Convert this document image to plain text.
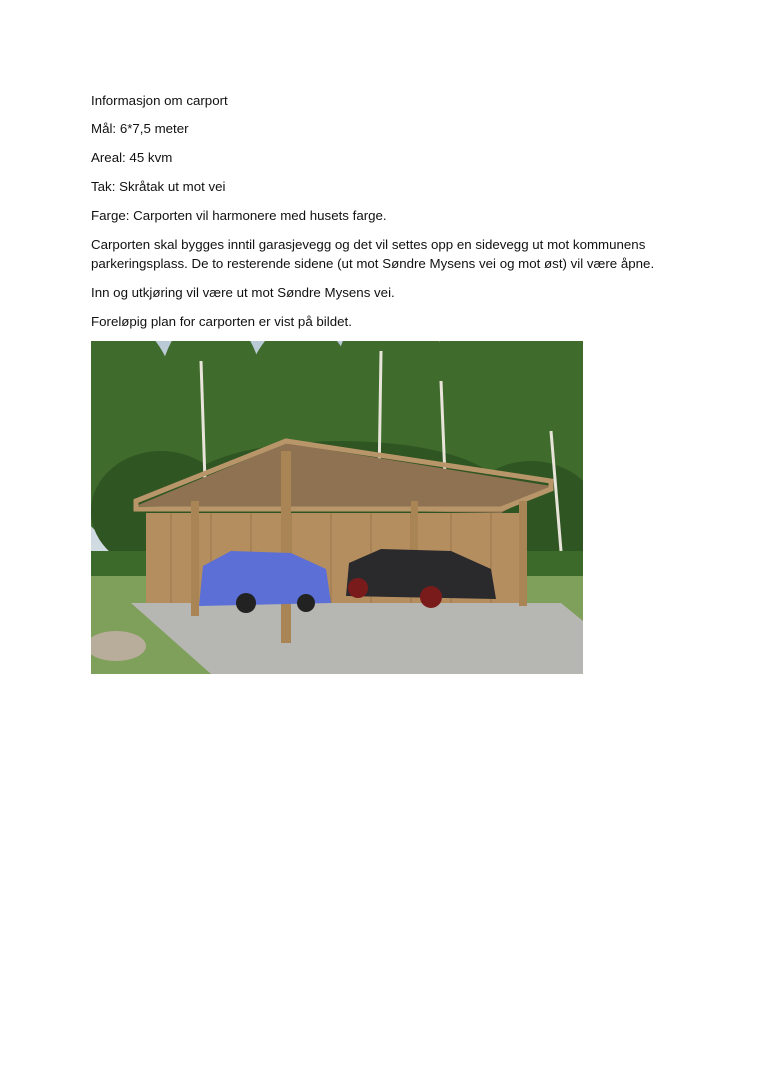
Informasjon om carport
Mål: 6*7,5 meter
Areal: 45 kvm
Tak: Skråtak ut mot vei
Farge: Carporten vil harmonere med husets farge.
Carporten skal bygges inntil garasjevegg og det vil settes opp en sidevegg ut mot kommunens
parkeringsplass. De to resterende sidene (ut mot Søndre Mysens vei og mot øst) vil være åpne.
Inn og utkjøring vil være ut mot Søndre Mysens vei.
Foreløpig plan for carporten er vist på bildet.
